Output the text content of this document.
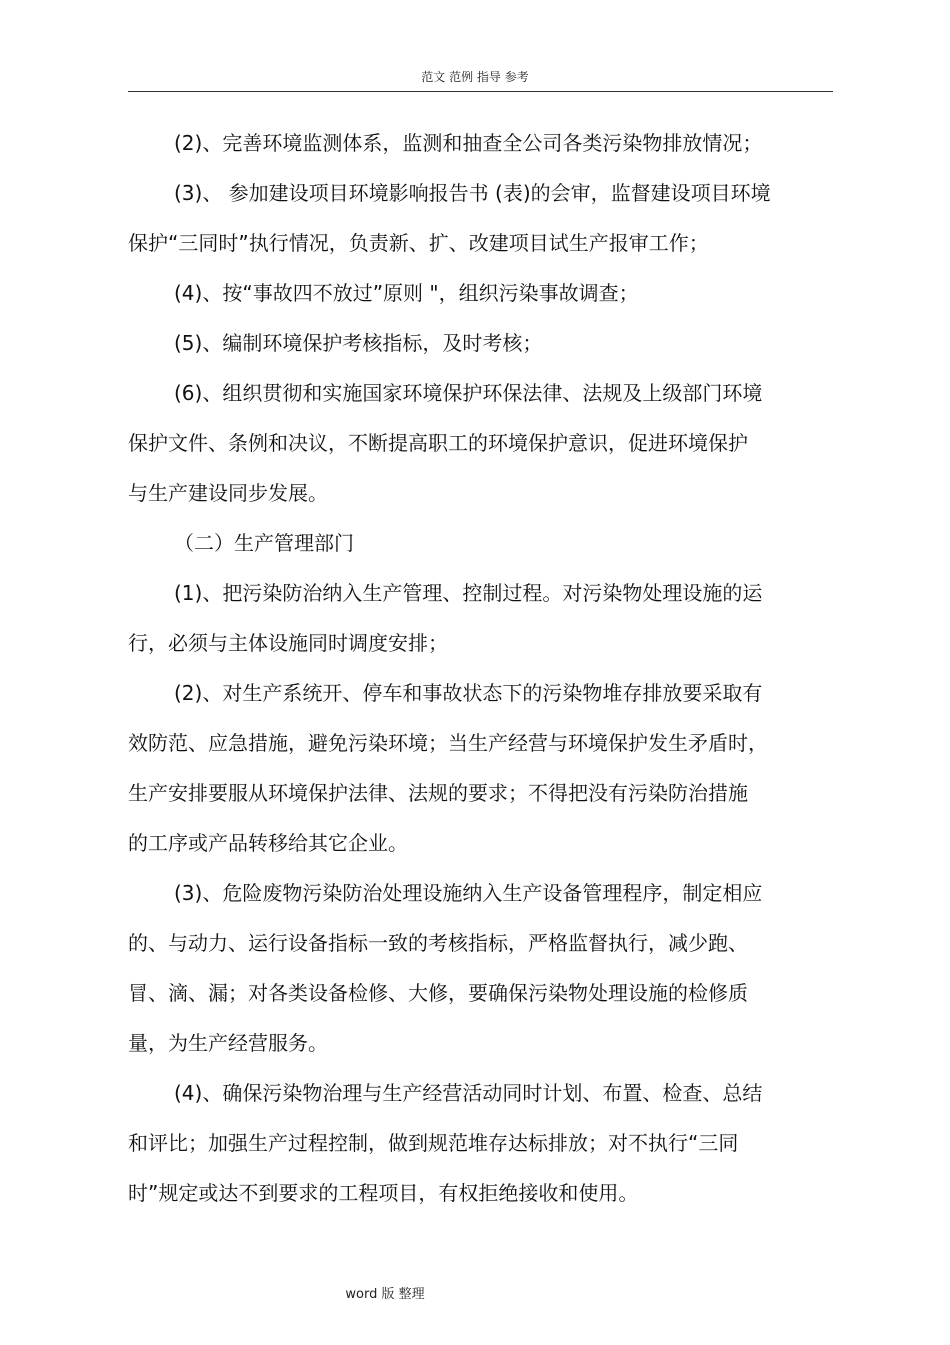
范文 范例 指导 参考
(2)、完善环境监测体系，监测和抽查全公司各类污染物排放情况；
(3)、 参加建设项目环境影响报告书 (表)的会审，监督建设项目环境
保护“三同时”执行情况，负责新、扩、改建项目试生产报审工作；
(4)、按“事故四不放过”原则 "，组织污染事故调查；
(5)、编制环境保护考核指标，及时考核；
(6)、组织贯彻和实施国家环境保护环保法律、法规及上级部门环境
保护文件、条例和决议，不断提高职工的环境保护意识，促进环境保护
与生产建设同步发展。
（二）生产管理部门
(1)、把污染防治纳入生产管理、控制过程。对污染物处理设施的运
行，必须与主体设施同时调度安排；
(2)、对生产系统开、停车和事故状态下的污染物堆存排放要采取有
效防范、应急措施，避免污染环境；当生产经营与环境保护发生矛盾时，
生产安排要服从环境保护法律、法规的要求；不得把没有污染防治措施
的工序或产品转移给其它企业。
(3)、危险废物污染防治处理设施纳入生产设备管理程序，制定相应
的、与动力、运行设备指标一致的考核指标，严格监督执行，减少跑、
冒、滴、漏；对各类设备检修、大修，要确保污染物处理设施的检修质
量，为生产经营服务。
(4)、确保污染物治理与生产经营活动同时计划、布置、检查、总结
和评比；加强生产过程控制，做到规范堆存达标排放；对不执行“三同
时”规定或达不到要求的工程项目，有权拒绝接收和使用。
word 版 整理
